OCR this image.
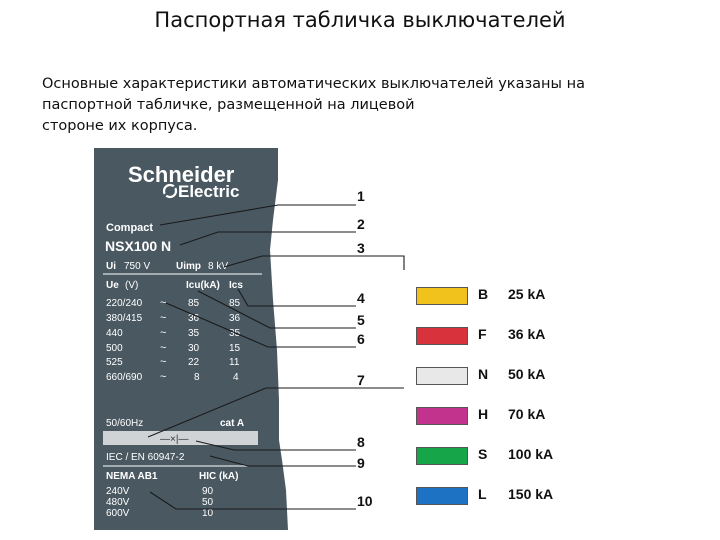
Паспортная табличка выключателей
Основные характеристики автоматических выключателей указаны на
паспортной табличке, размещенной на лицевой
стороне их корпуса.
Schneider
Electric
Compact
NSX100 N
Ui 750 V	Uimp 8 kV
Ue (V)	Icu(kA) Ics
220/240 ~ 85	85
380/415 ~ 36	36
440	~ 35	35
500	~ 30	15
525	~ 22	11
660/690 ~	8	4
50/60Hz	cat A
—×|—
IEC / EN 60947-2
NEMA AB1	HIC (kA)
240V	90
480V	50
600V	10
1
2
3
4
5
6
7
8
9
10
B 25 kA
F 36 kA
N 50 kA
H 70 kA
S 100 kA
L 150 kA
